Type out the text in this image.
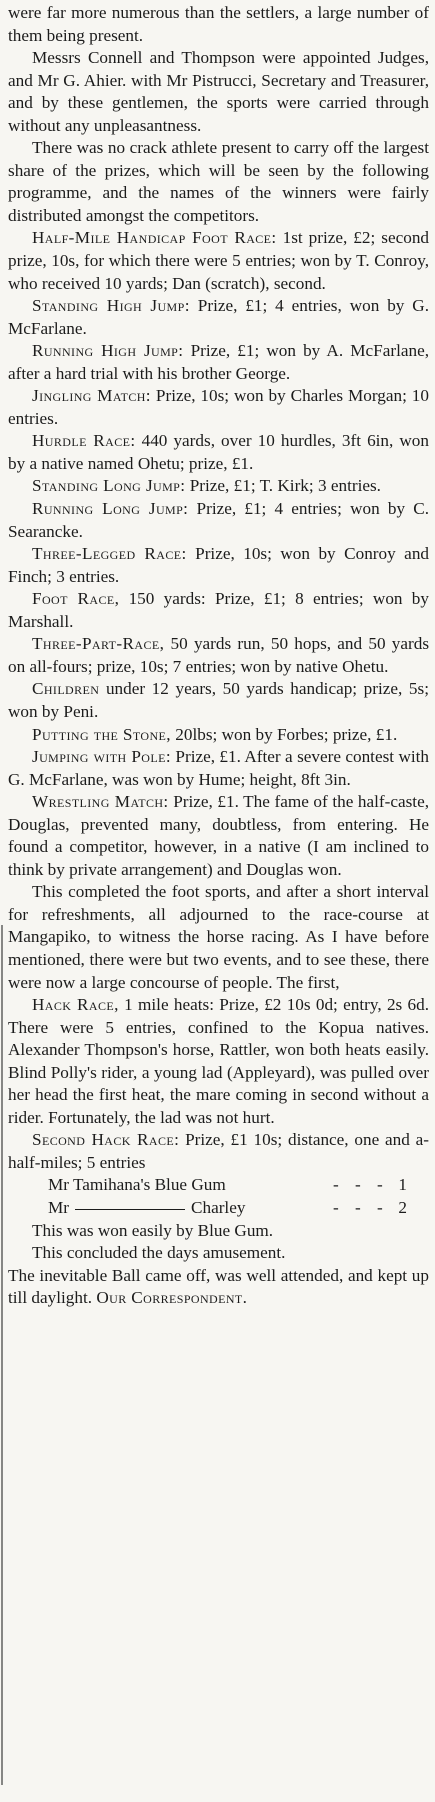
were far more numerous than the settlers, a large number of them being present.

Messrs Connell and Thompson were appointed Judges, and Mr G. Ahier. with Mr Pistrucci, Secretary and Treasurer, and by these gentlemen, the sports were carried through without any unpleasantness.

There was no crack athlete present to carry off the largest share of the prizes, which will be seen by the following programme, and the names of the winners were fairly distributed amongst the competitors.

Half-Mile Handicap Foot Race: 1st prize, £2; second prize, 10s, for which there were 5 entries; won by T. Conroy, who received 10 yards; Dan (scratch), second.

Standing High Jump: Prize, £1; 4 entries, won by G. McFarlane.

Running High Jump: Prize, £1; won by A. McFarlane, after a hard trial with his brother George.

Jingling Match: Prize, 10s; won by Charles Morgan; 10 entries.

Hurdle Race: 440 yards, over 10 hurdles, 3ft 6in, won by a native named Ohetu; prize, £1.

Standing Long Jump: Prize, £1; T. Kirk; 3 entries.

Running Long Jump: Prize, £1; 4 entries; won by C. Searancke.

Three-Legged Race: Prize, 10s; won by Conroy and Finch; 3 entries.

Foot Race, 150 yards: Prize, £1; 8 entries; won by Marshall.

Three-Part-Race, 50 yards run, 50 hops, and 50 yards on all-fours; prize, 10s; 7 entries; won by native Ohetu.

Children under 12 years, 50 yards handicap; prize, 5s; won by Peni.

Putting the Stone, 20lbs; won by Forbes; prize, £1.

Jumping with Pole: Prize, £1. After a severe contest with G. McFarlane, was won by Hume; height, 8ft 3in.

Wrestling Match: Prize, £1. The fame of the half-caste, Douglas, prevented many, doubtless, from entering. He found a competitor, however, in a native (I am inclined to think by private arrangement) and Douglas won.

This completed the foot sports, and after a short interval for refreshments, all adjourned to the race-course at Mangapiko, to witness the horse racing. As I have before mentioned, there were but two events, and to see these, there were now a large concourse of people. The first,

Hack Race, 1 mile heats: Prize, £2 10s 0d; entry, 2s 6d. There were 5 entries, confined to the Kopua natives. Alexander Thompson's horse, Rattler, won both heats easily. Blind Polly's rider, a young lad (Appleyard), was pulled over her head the first heat, the mare coming in second without a rider. Fortunately, the lad was not hurt.

Second Hack Race: Prize, £1 10s; distance, one and a-half-miles; 5 entries

Mr Tamihana's Blue Gum	- - - 1
Mr	Charley	- - - 2

This was won easily by Blue Gum.

This concluded the days amusement.

The inevitable Ball came off, was well attended, and kept up till daylight. Our Correspondent.
